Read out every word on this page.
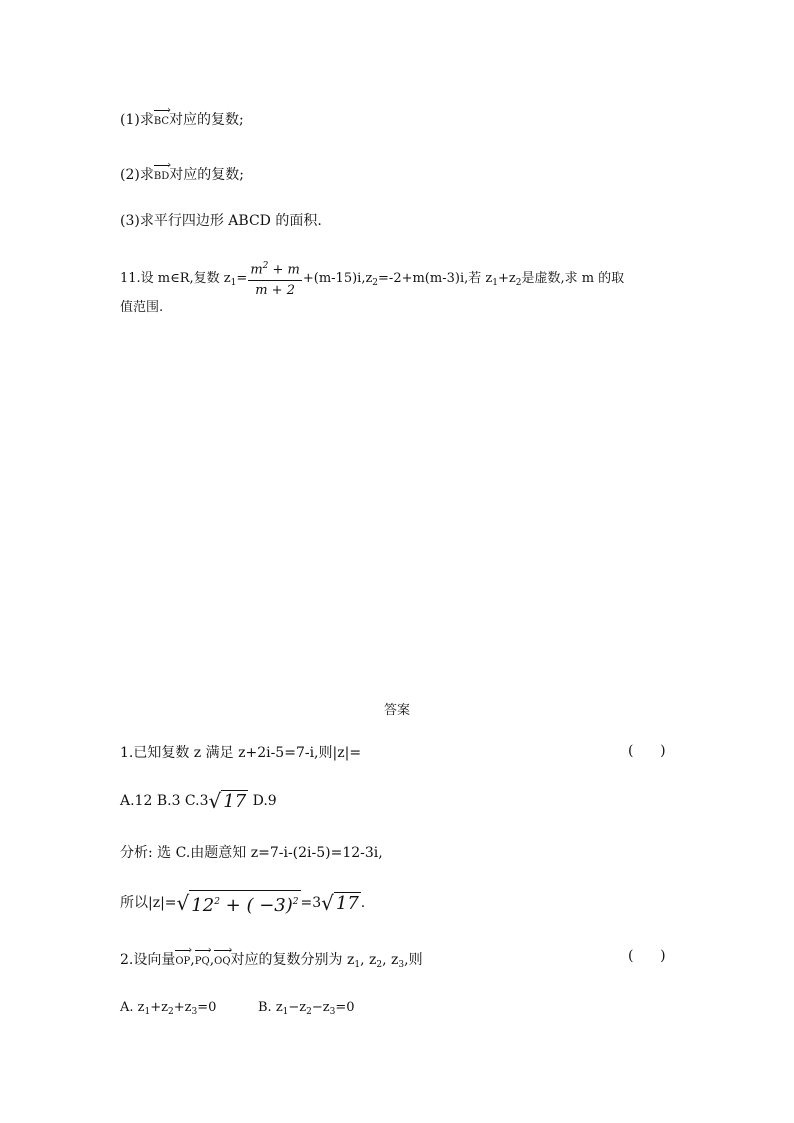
(1)求BC ›对应的复数;
(2)求BD ›对应的复数;
(3)求平行四边形 ABCD 的面积.
11.设 m∈R,复数 $z_1= \frac{m^2 + m}{m + 2} +(m-15)i,z_2=-2+m(m-3)i$,若 $z_1+z_2$是虚数,求 m 的取
值范围.
答案
1.已知复数 z 满足 z+2i-5=7-i,则|z|=	(      )
A.12 B.3 C.3√ 17 D.9
分析: 选 C.由题意知 z=7-i-(2i-5)=12-3i,
所以|z|=√ $12^2$ + ( −3)$^2$ =3√ 17 .
2.设向量OP ›,PQ ›,OQ ›对应的复数分别为 $z_1$, $z_2$, $z_3$,则	(      )
A. $z_1+z_2+z_3=0$	B. $z_1-z_2-z_3=0$
